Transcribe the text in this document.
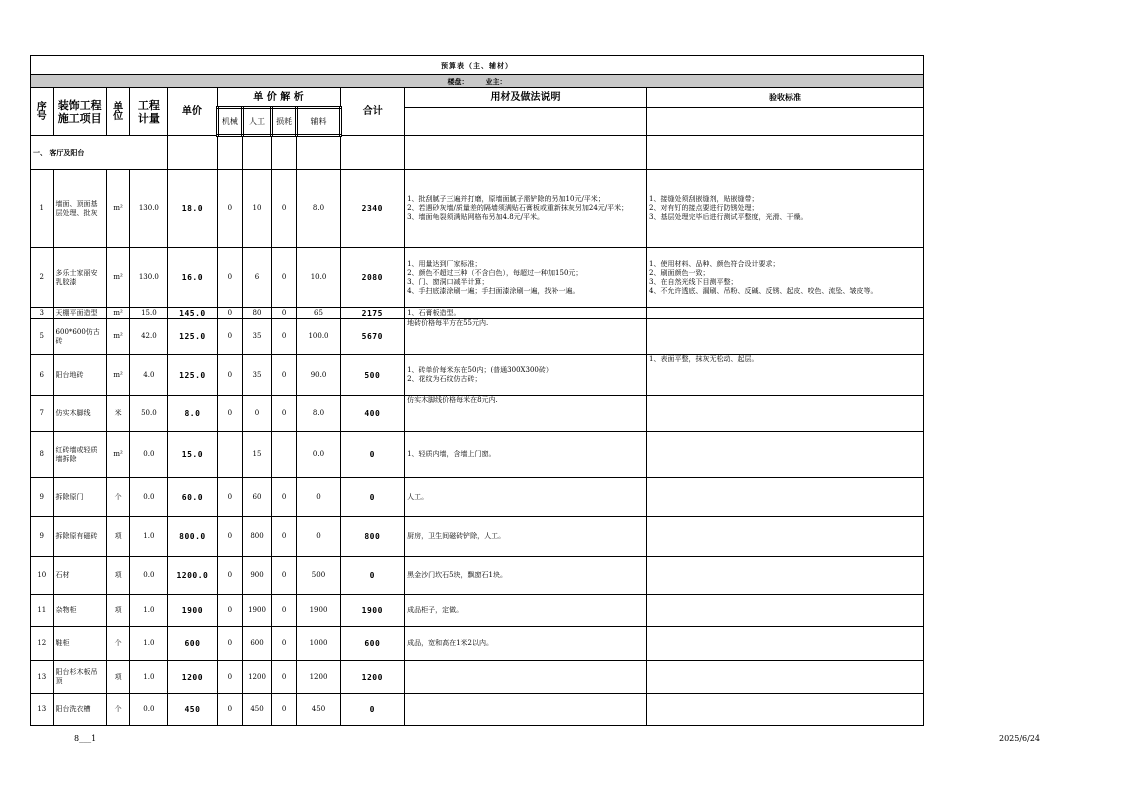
预算表（主、辅材）											
楼盘： 业主：											
序 号	装饰工程施工项目	单位	工程计量	单价	单 价 解 析				合计	用材及做法说明	验收标准
					机械	人工	损耗	辅料			
一、 客厅及阳台											
1	墙面、顶面基层处理、批灰	m²	130.0	18.0	0	10	0	8.0	2340	1、批刮腻子三遍并打磨，原墙面腻子需铲除的另加10元/平米；
2、若遇砂灰墙/质量差的隔墙须满贴石膏板或重新抹灰另加24元/平米；
3、墙面龟裂须满贴网格布另加4.8元/平米。	1、接缝处须刮嵌缝剂，贴嵌缝带；
2、对有钉的接点要进行防锈处理；
3、基层处理完毕后进行测试平整度，光滑、干燥。
2	多乐士家丽安乳胶漆	m²	130.0	16.0	0	6	0	10.0	2080	1、用量达到厂家标准；
2、颜色不超过三种（不含白色），每超过一种加150元；
3、门、窗洞口减半计算；
4、手扫底漆涂刷一遍；手扫面漆涂刷一遍，找补一遍。	1、使用材料、品种、颜色符合设计要求；
2、刷面颜色一致；
3、在自然光线下目测平整；
4、不允许透底、漏刷、吊粉、反碱、反锈、起皮、咬色、流坠、皱皮等。
3	天棚平面造型	m²	15.0	145.0	0	80	0	65	2175	1、石膏板造型。	
5	600*600仿古砖	m²	42.0	125.0	0	35	0	100.0	5670	地砖价格每平方在55元内.	
6	阳台地砖	m²	4.0	125.0	0	35	0	90.0	500	1、砖单价每米东在50内；(普通300X300砖）
2、花纹为石纹仿古砖；	1、表面平整，抹灰无松动、起层。
7	仿实木脚线	米	50.0	8.0	0	0	0	8.0	400	仿实木脚线价格每米在8元内.	
8	红砖墙或轻质墙拆除	m²	0.0	15.0		15		0.0	0	1、轻质内墙，含墙上门窗。	
9	拆除原门	个	0.0	60.0	0	60	0	0	0	人工。	
9	拆除原有磁砖	项	1.0	800.0	0	800	0	0	800	厨房，卫生间磁砖铲除，人工。	
10	石材	项	0.0	1200.0	0	900	0	500	0	黑金沙门坎石5块，飘窗石1块。	
11	杂物柜	项	1.0	1900	0	1900	0	1900	1900	成品柜子，定做。	
12	鞋柜	个	1.0	600	0	600	0	1000	600	成品，宽和高在1米2以内。	
13	阳台杉木板吊顶	项	1.0	1200	0	1200	0	1200	1200		
13	阳台洗衣槽	个	0.0	450	0	450	0	450	0		
8___1	2025/6/24
